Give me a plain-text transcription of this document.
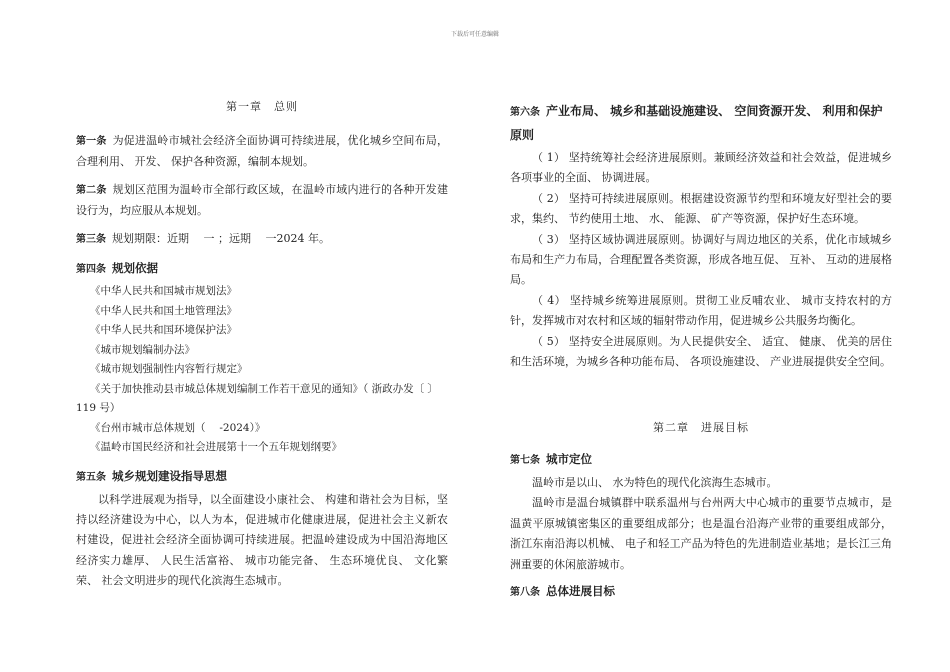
下载后可任意编辑
第一章　总则

第一条 为促进温岭市城社会经济全面协调可持续进展，优化城乡空间布局，合理利用、 开发、 保护各种资源，编制本规划。

第二条 规划区范围为温岭市全部行政区域，在温岭市域内进行的各种开发建设行为，均应服从本规划。

第三条 规划期限：近期 　一 ；远期 　一2024 年。

第四条 规划依据
《中华人民共和国城市规划法》
《中华人民共和国土地管理法》
《中华人民共和国环境保护法》
《城市规划编制办法》
《城市规划强制性内容暂行规定》
《关于加快推动县市城总体规划编制工作若干意见的通知》（ 浙政办发〔 〕119 号）
《台州市城市总体规划（ 　-2024）》
《温岭市国民经济和社会进展第十一个五年规划纲要》
第五条 城乡规划建设指导思想

以科学进展观为指导，以全面建设小康社会、 构建和谐社会为目标，坚持以经济建设为中心，以人为本，促进城市化健康进展，促进社会主义新农村建设，促进社会经济全面协调可持续进展。把温岭建设成为中国沿海地区经济实力雄厚、 人民生活富裕、 城市功能完备、 生态环境优良、 文化繁荣、 社会文明进步的现代化滨海生态城市。

第六条 产业布局、 城乡和基础设施建设、 空间资源开发、 利用和保护原则

（ 1） 坚持统筹社会经济进展原则。兼顾经济效益和社会效益，促进城乡各项事业的全面、 协调进展。

（ 2） 坚持可持续进展原则。根据建设资源节约型和环境友好型社会的要求，集约、 节约使用土地、 水、 能源、 矿产等资源，保护好生态环境。

（ 3） 坚持区域协调进展原则。协调好与周边地区的关系，优化市域城乡布局和生产力布局，合理配置各类资源，形成各地互促、 互补、 互动的进展格局。

（ 4） 坚持城乡统筹进展原则。贯彻工业反哺农业、 城市支持农村的方针，发挥城市对农村和区域的辐射带动作用，促进城乡公共服务均衡化。

（ 5） 坚持安全进展原则。为人民提供安全、 适宜、 健康、 优美的居住和生活环境，为城乡各种功能布局、 各项设施建设、 产业进展提供安全空间。

第二章　进展目标
第七条 城市定位

温岭市是以山、 水为特色的现代化滨海生态城市。

温岭市是温台城镇群中联系温州与台州两大中心城市的重要节点城市，是温黄平原城镇密集区的重要组成部分；也是温台沿海产业带的重要组成部分，浙江东南沿海以机械、 电子和轻工产品为特色的先进制造业基地；是长江三角洲重要的休闲旅游城市。

第八条 总体进展目标
